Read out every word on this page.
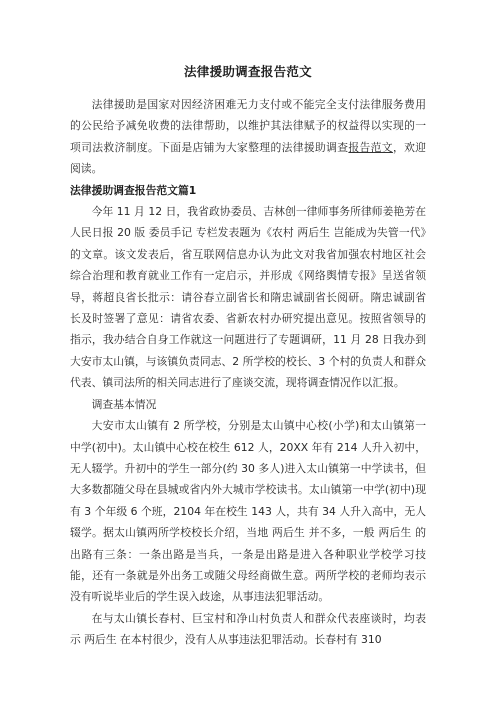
法律援助调查报告范文

法律援助是国家对因经济困难无力支付或不能完全支付法律服务费用的公民给予减免收费的法律帮助，以维护其法律赋予的权益得以实现的一项司法救济制度。下面是店铺为大家整理的法律援助调查报告范文，欢迎阅读。

法律援助调查报告范文篇1

今年 11 月 12 日，我省政协委员、吉林创一律师事务所律师姜艳芳在人民日报 20 版 委员手记 专栏发表题为《农村 两后生 岂能成为失管一代》的文章。该文发表后，省互联网信息办认为此文对我省加强农村地区社会综合治理和教育就业工作有一定启示，并形成《网络舆情专报》呈送省领导，蒋超良省长批示：请谷春立副省长和隋忠诚副省长阅研。隋忠诚副省长及时签署了意见：请省农委、省新农村办研究提出意见。按照省领导的指示，我办结合自身工作就这一问题进行了专题调研，11 月 28 日我办到大安市太山镇，与该镇负责同志、2 所学校的校长、3 个村的负责人和群众代表、镇司法所的相关同志进行了座谈交流，现将调查情况作以汇报。

调查基本情况

大安市太山镇有 2 所学校，分别是太山镇中心校(小学)和太山镇第一中学(初中)。太山镇中心校在校生 612 人，20XX 年有 214 人升入初中，无人辍学。升初中的学生一部分(约 30 多人)进入太山镇第一中学读书，但大多数都随父母在县城或省内外大城市学校读书。太山镇第一中学(初中)现有 3 个年级 6 个班，2104 年在校生 143 人，共有 34 人升入高中，无人辍学。据太山镇两所学校校长介绍，当地 两后生 并不多，一般 两后生 的出路有三条：一条出路是当兵，一条是出路是进入各种职业学校学习技能，还有一条就是外出务工或随父母经商做生意。两所学校的老师均表示没有听说毕业后的学生误入歧途，从事违法犯罪活动。

在与太山镇长春村、巨宝村和净山村负责人和群众代表座谈时，均表示 两后生 在本村很少，没有人从事违法犯罪活动。长春村有 310
